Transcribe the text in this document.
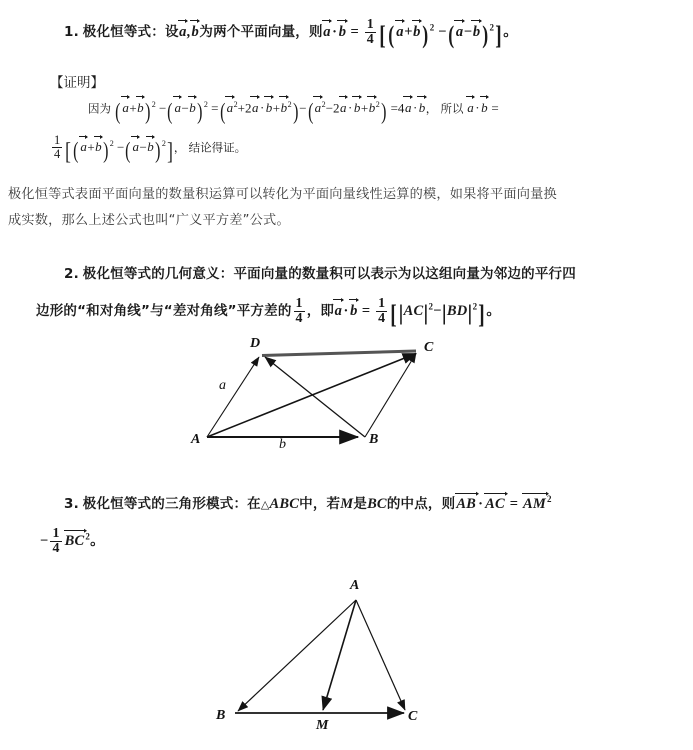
1. 极化恒等式：设a,b为两个平面向量，则$a \cdot b = \frac{1}{4}$ [ ( a+b)$^2$ −( a−b)$^2$]。
【证明】
因为 ( a+b)$^2$ −( a−b)$^2$ =( $a^2+2a \cdot b+b^2)-$( $a^2-2a \cdot b+b^2) =4a \cdot b$， 所以 a · b =
$\frac{1}{4}$ [( a+b)$^2$ −( a−b)$^2$]， 结论得证。
极化恒等式表面平面向量的数量积运算可以转化为平面向量线性运算的模，如果将平面向量换
成实数，那么上述公式也叫“广义平方差”公式。
2. 极化恒等式的几何意义：平面向量的数量积可以表示为以这组向量为邻边的平行四
边形的“和对角线”与“差对角线”平方差的 $\frac{1}{4}$ ，即$a \cdot b = \frac{1}{4} [|AC|^2-|BD|^2]$。
D	C
A	B
a
b
3. 极化恒等式的三角形模式：在△ABC中，若M是BC的中点，则AB · AC = $AM^2$
− $\frac{1}{4} BC^2$。
A
B
M
C
